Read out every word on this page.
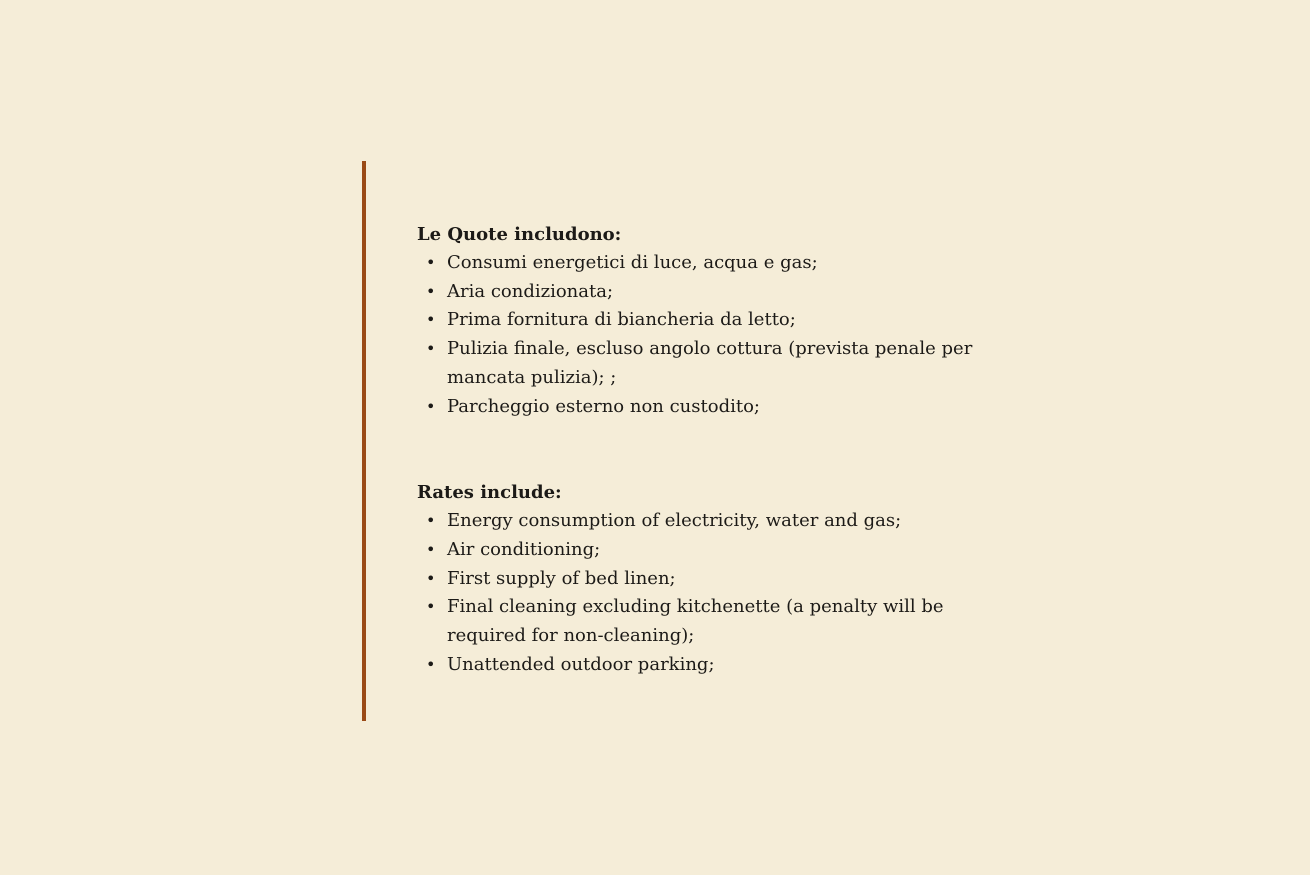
Le Quote includono:

• Consumi energetici di luce, acqua e gas;
• Aria condizionata;
• Prima fornitura di biancheria da letto;
• Pulizia finale, escluso angolo cottura (prevista penale per mancata pulizia); ;
• Parcheggio esterno non custodito;

Rates include:

• Energy consumption of electricity, water and gas;
• Air conditioning;
• First supply of bed linen;
• Final cleaning excluding kitchenette (a penalty will be required for non-cleaning);
• Unattended outdoor parking;
